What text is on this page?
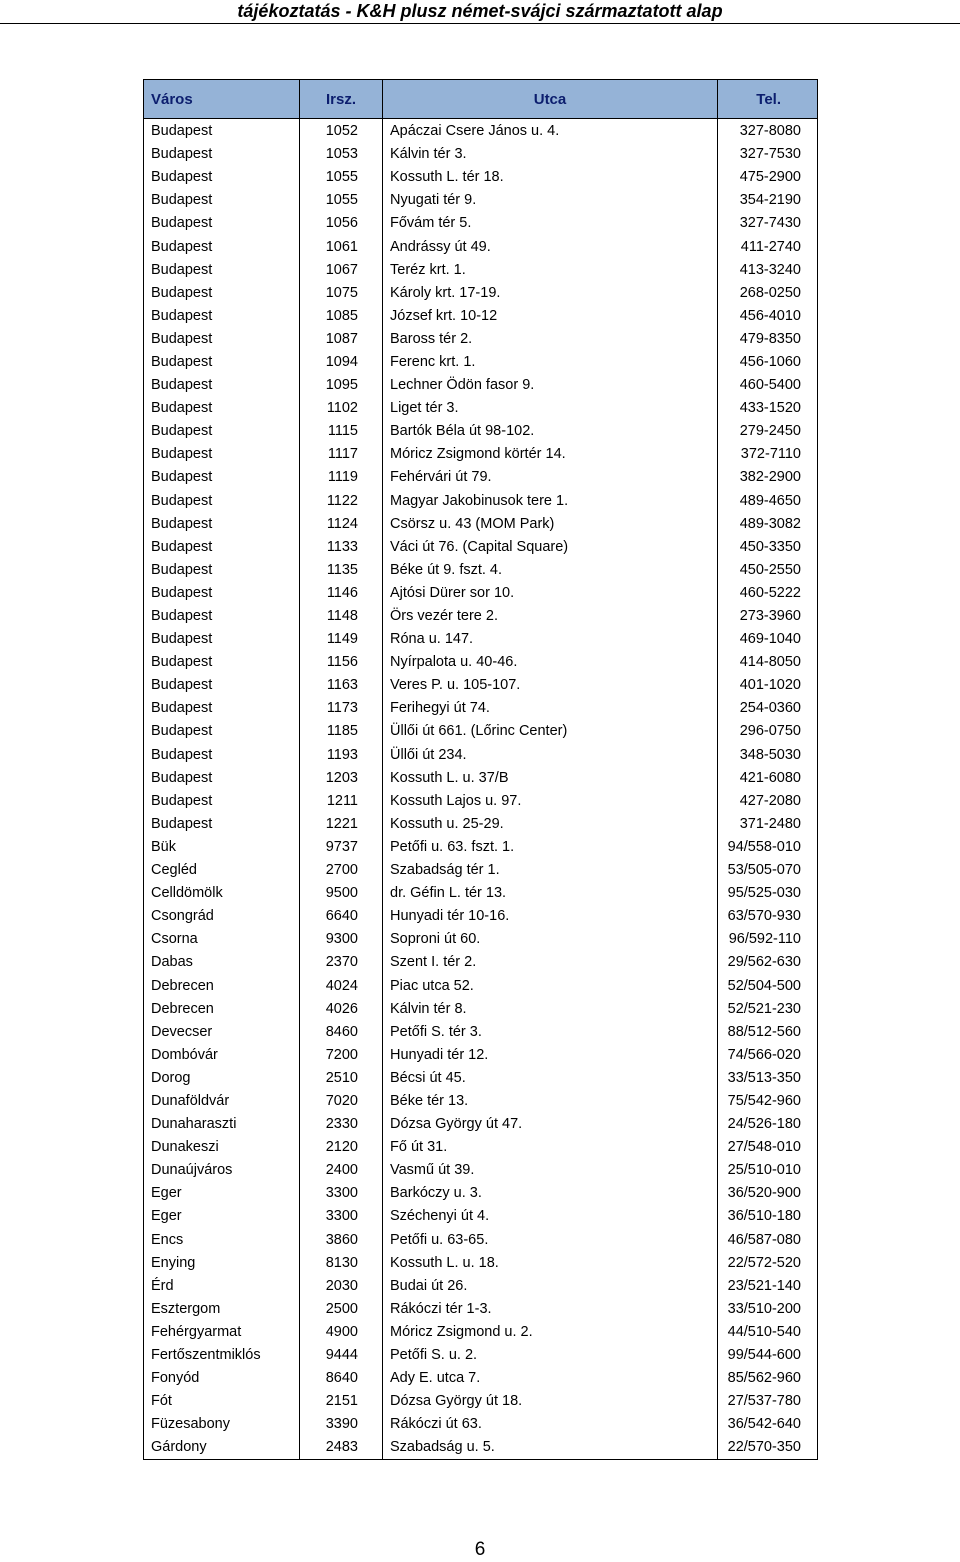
tájékoztatás - K&H plusz német-svájci származtatott alap
Város	Irsz.	Utca	Tel.

Budapest	1052	Apáczai Csere János u. 4.	327-8080
Budapest	1053	Kálvin tér 3.	327-7530
Budapest	1055	Kossuth L. tér 18.	475-2900
Budapest	1055	Nyugati tér 9.	354-2190
Budapest	1056	Fővám tér 5.	327-7430
Budapest	1061	Andrássy út 49.	411-2740
Budapest	1067	Teréz krt. 1.	413-3240
Budapest	1075	Károly krt. 17-19.	268-0250
Budapest	1085	József krt. 10-12	456-4010
Budapest	1087	Baross tér 2.	479-8350
Budapest	1094	Ferenc krt. 1.	456-1060
Budapest	1095	Lechner Ödön fasor 9.	460-5400
Budapest	1102	Liget tér 3.	433-1520
Budapest	1115	Bartók Béla út 98-102.	279-2450
Budapest	1117	Móricz Zsigmond körtér 14.	372-7110
Budapest	1119	Fehérvári út 79.	382-2900
Budapest	1122	Magyar Jakobinusok tere 1.	489-4650
Budapest	1124	Csörsz u. 43 (MOM Park)	489-3082
Budapest	1133	Váci út 76. (Capital Square)	450-3350
Budapest	1135	Béke út 9. fszt. 4.	450-2550
Budapest	1146	Ajtósi Dürer sor 10.	460-5222
Budapest	1148	Örs vezér tere 2.	273-3960
Budapest	1149	Róna u. 147.	469-1040
Budapest	1156	Nyírpalota u. 40-46.	414-8050
Budapest	1163	Veres P. u. 105-107.	401-1020
Budapest	1173	Ferihegyi út 74.	254-0360
Budapest	1185	Üllői út 661. (Lőrinc Center)	296-0750
Budapest	1193	Üllői út 234.	348-5030
Budapest	1203	Kossuth L. u. 37/B	421-6080
Budapest	1211	Kossuth Lajos u. 97.	427-2080
Budapest	1221	Kossuth u. 25-29.	371-2480
Bük	9737	Petőfi u. 63. fszt. 1.	94/558-010
Cegléd	2700	Szabadság tér 1.	53/505-070
Celldömölk	9500	dr. Géfin L. tér 13.	95/525-030
Csongrád	6640	Hunyadi tér 10-16.	63/570-930
Csorna	9300	Soproni út 60.	96/592-110
Dabas	2370	Szent I. tér 2.	29/562-630
Debrecen	4024	Piac utca 52.	52/504-500
Debrecen	4026	Kálvin tér 8.	52/521-230
Devecser	8460	Petőfi S. tér 3.	88/512-560
Dombóvár	7200	Hunyadi tér 12.	74/566-020
Dorog	2510	Bécsi út 45.	33/513-350
Dunaföldvár	7020	Béke tér 13.	75/542-960
Dunaharaszti	2330	Dózsa György út 47.	24/526-180
Dunakeszi	2120	Fő út 31.	27/548-010
Dunaújváros	2400	Vasmű út 39.	25/510-010
Eger	3300	Barkóczy u. 3.	36/520-900
Eger	3300	Széchenyi út 4.	36/510-180
Encs	3860	Petőfi u. 63-65.	46/587-080
Enying	8130	Kossuth L. u. 18.	22/572-520
Érd	2030	Budai út 26.	23/521-140
Esztergom	2500	Rákóczi tér 1-3.	33/510-200
Fehérgyarmat	4900	Móricz Zsigmond u. 2.	44/510-540
Fertőszentmiklós	9444	Petőfi S. u. 2.	99/544-600
Fonyód	8640	Ady E. utca 7.	85/562-960
Fót	2151	Dózsa György út 18.	27/537-780
Füzesabony	3390	Rákóczi út 63.	36/542-640
Gárdony	2483	Szabadság u. 5.	22/570-350
6
